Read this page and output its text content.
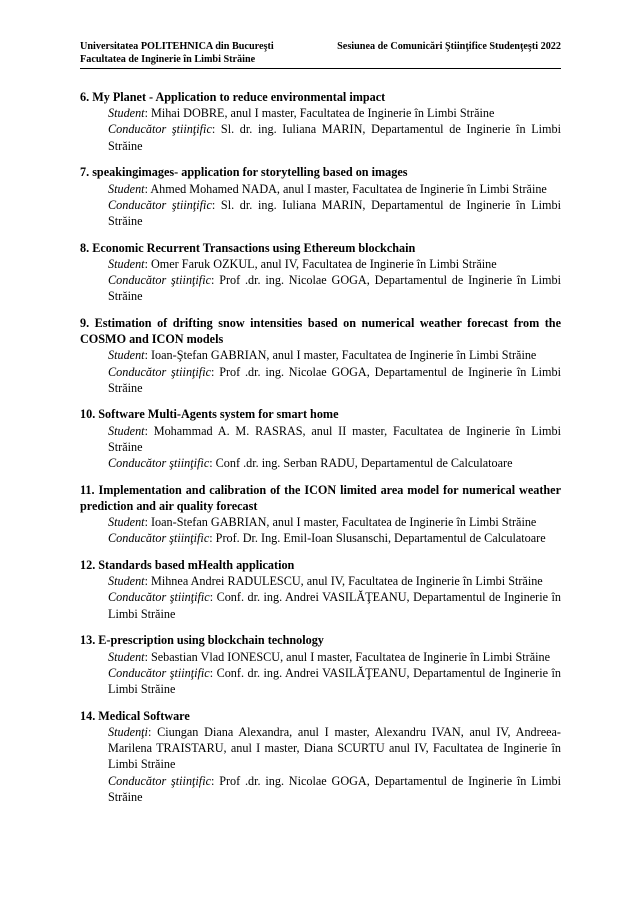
Universitatea POLITEHNICA din Bucureşti
Facultatea de Inginerie în Limbi Străine
Sesiunea de Comunicări Ştiinţifice Studenţeşti 2022
6. My Planet - Application to reduce environmental impact
Student: Mihai DOBRE, anul I master, Facultatea de Inginerie în Limbi Străine
Conducător ştiinţific: Sl. dr. ing. Iuliana MARIN, Departamentul de Inginerie în Limbi Străine
7. speakingimages- application for storytelling based on images
Student: Ahmed Mohamed NADA, anul I master, Facultatea de Inginerie în Limbi Străine
Conducător ştiinţific: Sl. dr. ing. Iuliana MARIN, Departamentul de Inginerie în Limbi Străine
8. Economic Recurrent Transactions using Ethereum blockchain
Student: Omer Faruk OZKUL, anul IV, Facultatea de Inginerie în Limbi Străine
Conducător ştiinţific: Prof .dr. ing. Nicolae GOGA, Departamentul de Inginerie în Limbi Străine
9. Estimation of drifting snow intensities based on numerical weather forecast from the COSMO and ICON models
Student: Ioan-Ştefan GABRIAN, anul I master, Facultatea de Inginerie în Limbi Străine
Conducător ştiinţific: Prof .dr. ing. Nicolae GOGA, Departamentul de Inginerie în Limbi Străine
10. Software Multi-Agents system for smart home
Student: Mohammad A. M. RASRAS, anul II master, Facultatea de Inginerie în Limbi Străine
Conducător ştiinţific: Conf .dr. ing. Serban RADU, Departamentul de Calculatoare
11. Implementation and calibration of the ICON limited area model for numerical weather prediction and air quality forecast
Student: Ioan-Stefan GABRIAN, anul I master, Facultatea de Inginerie în Limbi Străine
Conducător ştiinţific: Prof. Dr. Ing. Emil-Ioan Slusanschi, Departamentul de Calculatoare
12. Standards based mHealth application
Student: Mihnea Andrei RADULESCU, anul IV, Facultatea de Inginerie în Limbi Străine
Conducător ştiinţific: Conf. dr. ing. Andrei VASILĂŢEANU, Departamentul de Inginerie în Limbi Străine
13. E-prescription using blockchain technology
Student: Sebastian Vlad IONESCU, anul I master, Facultatea de Inginerie în Limbi Străine
Conducător ştiinţific: Conf. dr. ing. Andrei VASILĂŢEANU, Departamentul de Inginerie în Limbi Străine
14. Medical Software
Studenţi: Ciungan Diana Alexandra, anul I master, Alexandru IVAN, anul IV, Andreea-Marilena TRAISTARU, anul I master, Diana SCURTU anul IV, Facultatea de Inginerie în Limbi Străine
Conducător ştiinţific: Prof .dr. ing. Nicolae GOGA, Departamentul de Inginerie în Limbi Străine
